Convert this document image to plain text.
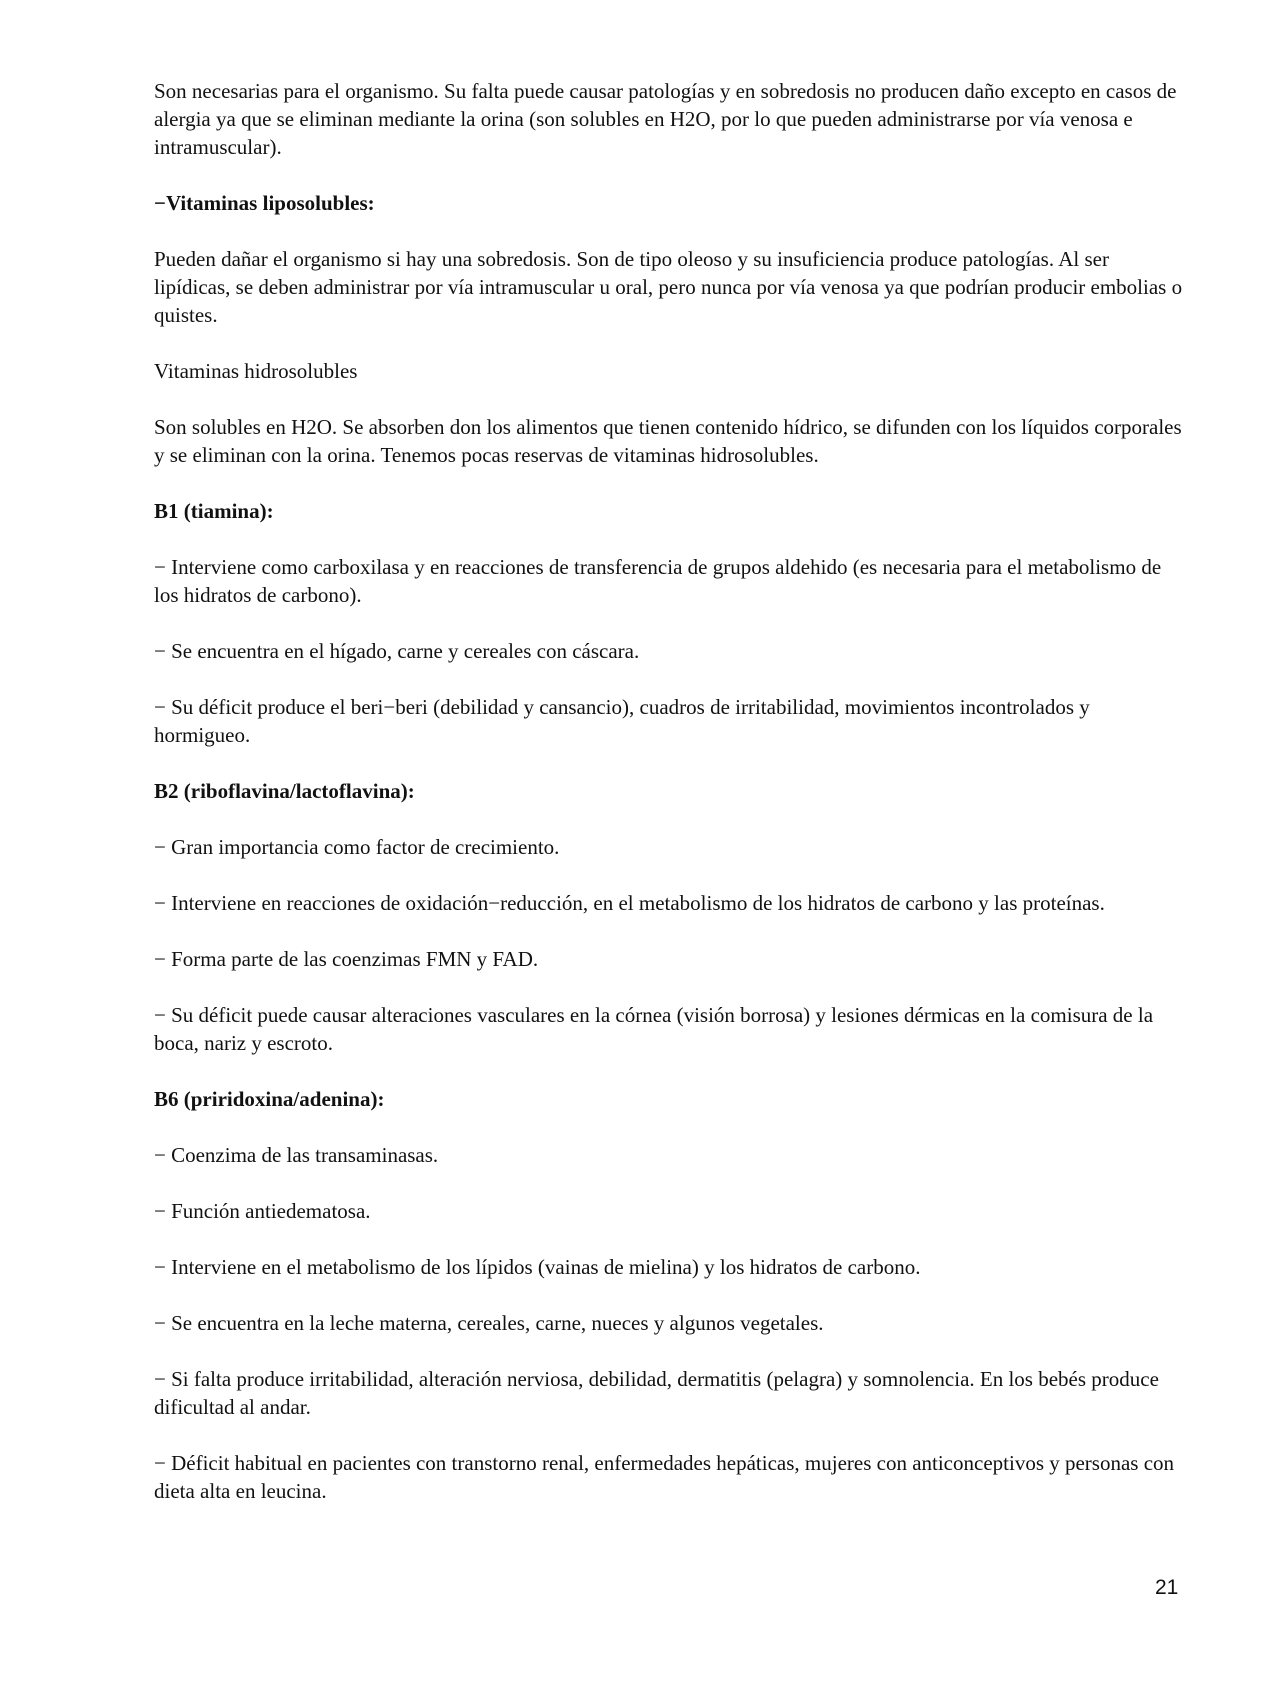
Son necesarias para el organismo. Su falta puede causar patologías y en sobredosis no producen daño excepto en casos de alergia ya que se eliminan mediante la orina (son solubles en H2O, por lo que pueden administrarse por vía venosa e intramuscular).

−Vitaminas liposolubles:

Pueden dañar el organismo si hay una sobredosis. Son de tipo oleoso y su insuficiencia produce patologías. Al ser lipídicas, se deben administrar por vía intramuscular u oral, pero nunca por vía venosa ya que podrían producir embolias o quistes.

Vitaminas hidrosolubles

Son solubles en H2O. Se absorben don los alimentos que tienen contenido hídrico, se difunden con los líquidos corporales y se eliminan con la orina. Tenemos pocas reservas de vitaminas hidrosolubles.

B1 (tiamina):

− Interviene como carboxilasa y en reacciones de transferencia de grupos aldehido (es necesaria para el metabolismo de los hidratos de carbono).

− Se encuentra en el hígado, carne y cereales con cáscara.

− Su déficit produce el beri−beri (debilidad y cansancio), cuadros de irritabilidad, movimientos incontrolados y hormigueo.

B2 (riboflavina/lactoflavina):

− Gran importancia como factor de crecimiento.

− Interviene en reacciones de oxidación−reducción, en el metabolismo de los hidratos de carbono y las proteínas.

− Forma parte de las coenzimas FMN y FAD.

− Su déficit puede causar alteraciones vasculares en la córnea (visión borrosa) y lesiones dérmicas en la comisura de la boca, nariz y escroto.

B6 (priridoxina/adenina):

− Coenzima de las transaminasas.

− Función antiedematosa.

− Interviene en el metabolismo de los lípidos (vainas de mielina) y los hidratos de carbono.

− Se encuentra en la leche materna, cereales, carne, nueces y algunos vegetales.

− Si falta produce irritabilidad, alteración nerviosa, debilidad, dermatitis (pelagra) y somnolencia. En los bebés produce dificultad al andar.

− Déficit habitual en pacientes con transtorno renal, enfermedades hepáticas, mujeres con anticonceptivos y personas con dieta alta en leucina.

21
